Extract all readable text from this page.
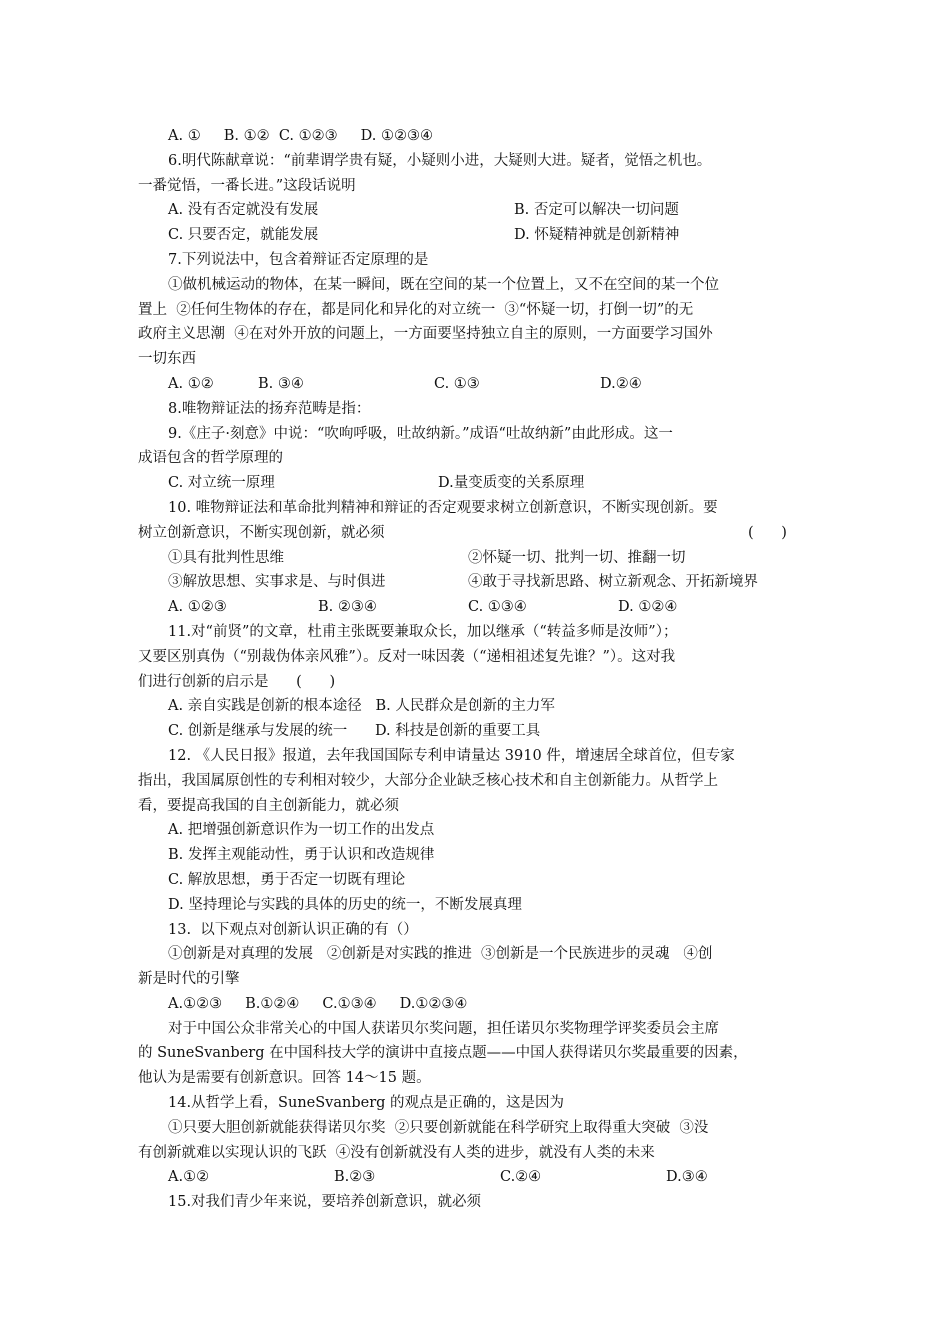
A. ①     B. ①②  C. ①②③     D. ①②③④
6.明代陈献章说：“前辈谓学贵有疑，小疑则小进，大疑则大进。疑者，觉悟之机也。
一番觉悟，一番长进。”这段话说明
A. 没有否定就没有发展	B. 否定可以解决一切问题
C. 只要否定，就能发展	D. 怀疑精神就是创新精神
7.下列说法中，包含着辩证否定原理的是
①做机械运动的物体，在某一瞬间，既在空间的某一个位置上，又不在空间的某一个位
置上  ②任何生物体的存在，都是同化和异化的对立统一  ③“怀疑一切，打倒一切”的无
政府主义思潮  ④在对外开放的问题上，一方面要坚持独立自主的原则，一方面要学习国外
一切东西
A. ①②	B. ③④	C. ①③	D.②④
8.唯物辩证法的扬弃范畴是指：
9.《庄子·刻意》中说：“吹呴呼吸，吐故纳新。”成语“吐故纳新”由此形成。这一
成语包含的哲学原理的
C. 对立统一原理	D.量变质变的关系原理
10. 唯物辩证法和革命批判精神和辩证的否定观要求树立创新意识，不断实现创新。要
树立创新意识，不断实现创新，就必须	(      )
①具有批判性思维	②怀疑一切、批判一切、推翻一切
③解放思想、实事求是、与时俱进	④敢于寻找新思路、树立新观念、开拓新境界
A. ①②③	B. ②③④	C. ①③④	D. ①②④
11.对“前贤”的文章，杜甫主张既要兼取众长，加以继承（“转益多师是汝师”）；
又要区别真伪（“别裁伪体亲风雅”）。反对一味因袭（“递相祖述复先谁？”）。这对我
们进行创新的启示是      (      )
A. 亲自实践是创新的根本途径   B. 人民群众是创新的主力军
C. 创新是继承与发展的统一      D. 科技是创新的重要工具
12. 《人民日报》报道，去年我国国际专利申请量达 3910 件，增速居全球首位，但专家
指出，我国属原创性的专利相对较少，大部分企业缺乏核心技术和自主创新能力。从哲学上
看，要提高我国的自主创新能力，就必须
A. 把增强创新意识作为一切工作的出发点
B. 发挥主观能动性，勇于认识和改造规律
C. 解放思想，勇于否定一切既有理论
D. 坚持理论与实践的具体的历史的统一，不断发展真理
13.  以下观点对创新认识正确的有（）
①创新是对真理的发展   ②创新是对实践的推进  ③创新是一个民族进步的灵魂   ④创
新是时代的引擎
A.①②③     B.①②④     C.①③④     D.①②③④
对于中国公众非常关心的中国人获诺贝尔奖问题，担任诺贝尔奖物理学评奖委员会主席
的 SuneSvanberg 在中国科技大学的演讲中直接点题——中国人获得诺贝尔奖最重要的因素，
他认为是需要有创新意识。回答 14～15 题。
14.从哲学上看，SuneSvanberg 的观点是正确的，这是因为
①只要大胆创新就能获得诺贝尔奖  ②只要创新就能在科学研究上取得重大突破  ③没
有创新就难以实现认识的飞跃  ④没有创新就没有人类的进步，就没有人类的未来
A.①②	B.②③	C.②④	D.③④
15.对我们青少年来说，要培养创新意识，就必须
